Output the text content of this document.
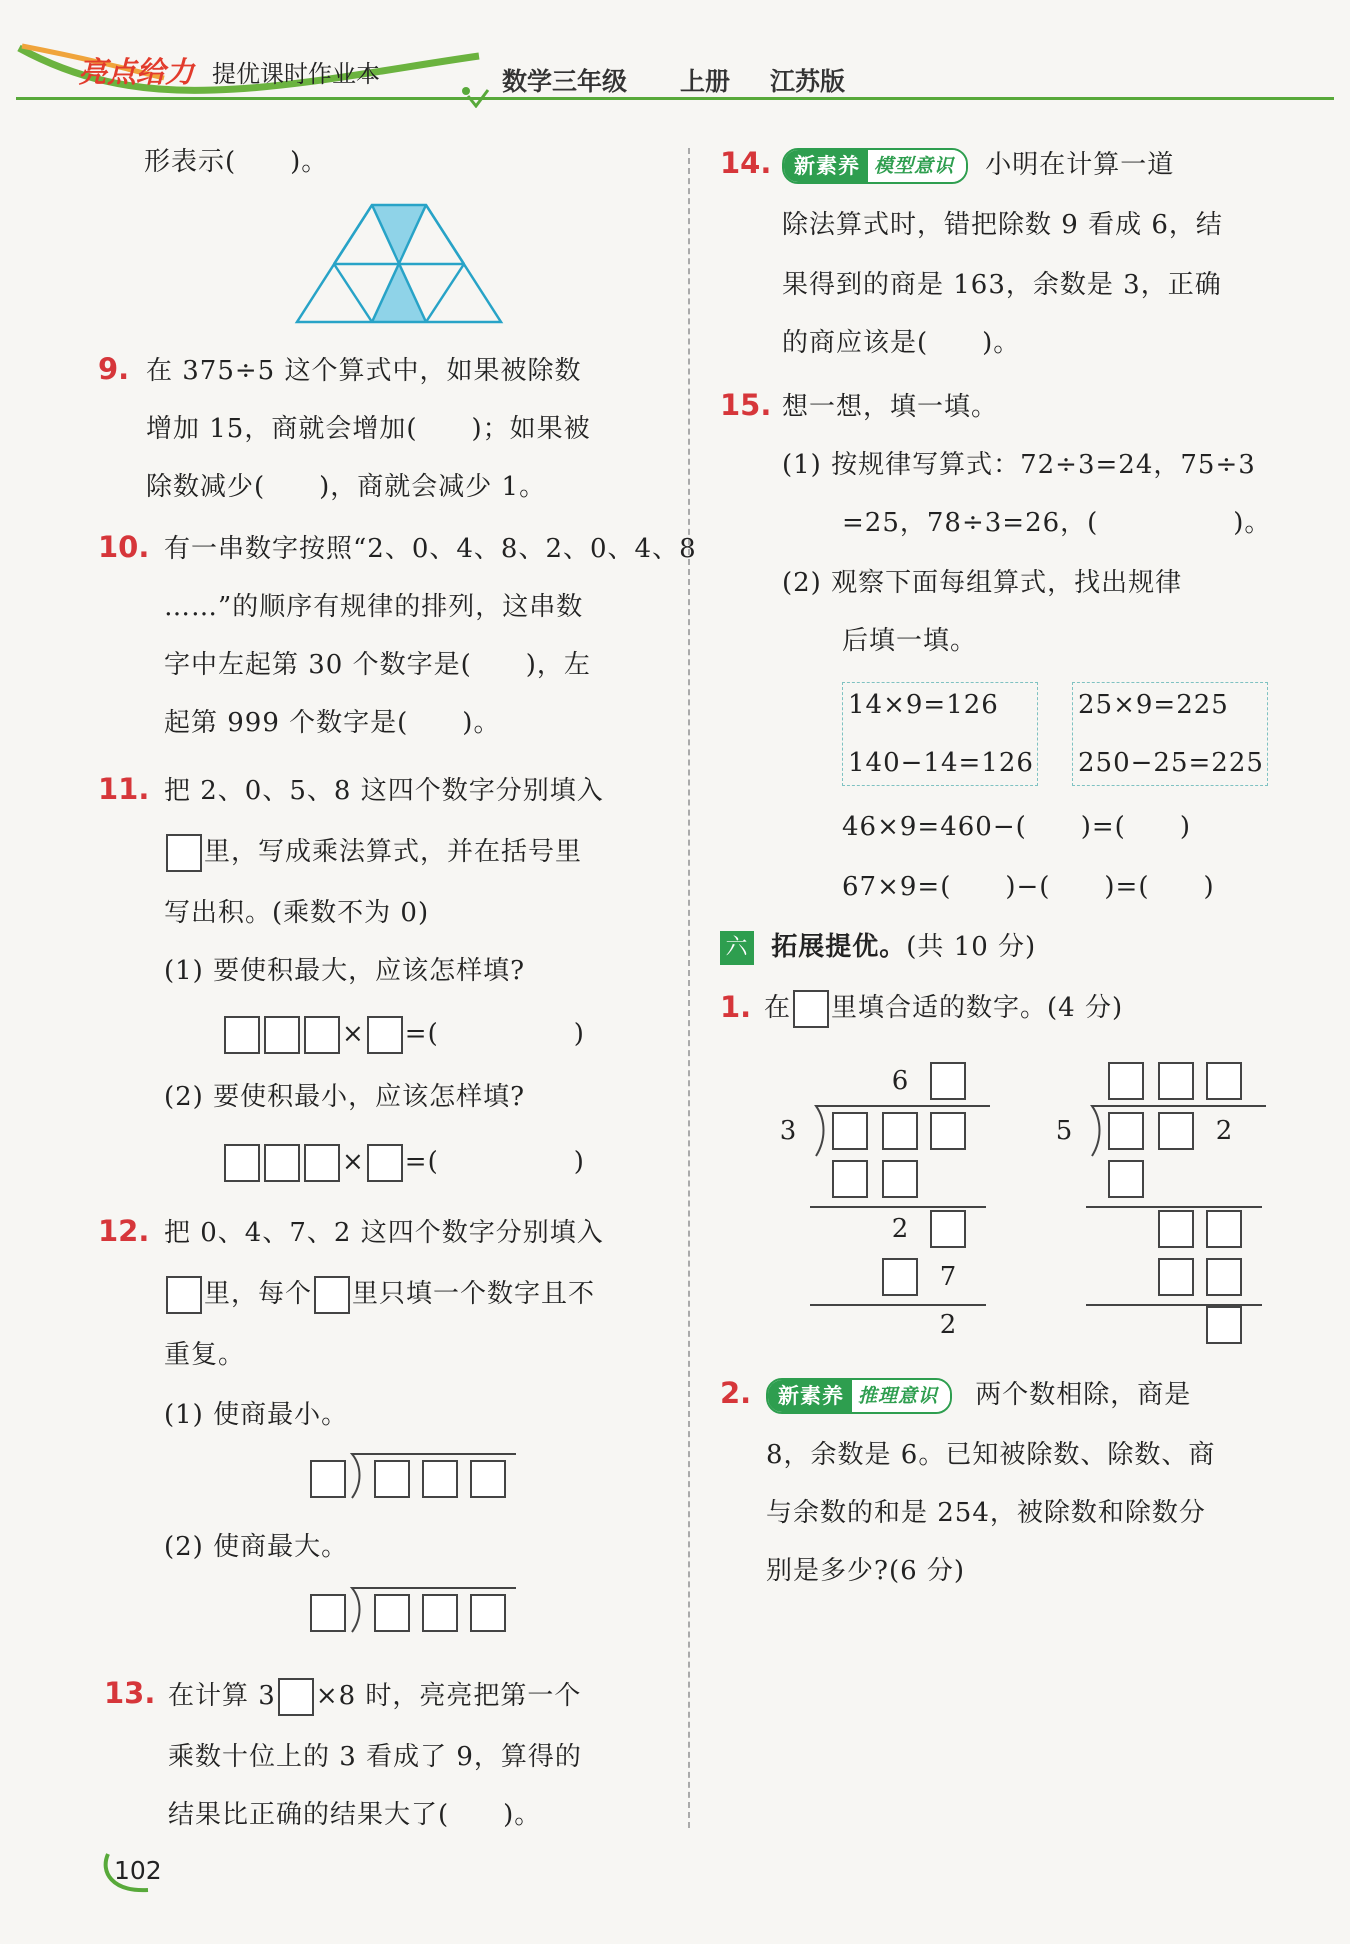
亮点给力 提优课时作业本	数学三年级 上册 江苏版
形表示(　　)。
9. 在 375÷5 这个算式中，如果被除数
增加 15，商就会增加(　　)；如果被
除数减少(　　)，商就会减少 1。
10. 有一串数字按照“2、0、4、8、2、0、4、8
……”的顺序有规律的排列，这串数
字中左起第 30 个数字是(　　)，左
起第 999 个数字是(　　)。
11. 把 2、0、5、8 这四个数字分别填入
里，写成乘法算式，并在括号里
写出积。(乘数不为 0)
(1) 要使积最大，应该怎样填?
× =(　　　　　)
(2) 要使积最小，应该怎样填?
× =(　　　　　)
12. 把 0、4、7、2 这四个数字分别填入
里，每个 里只填一个数字且不
重复。
(1) 使商最小。
(2) 使商最大。
13. 在计算 3 ×8 时，亮亮把第一个
乘数十位上的 3 看成了 9，算得的
结果比正确的结果大了(　　)。
102
14.	新素养 模型意识	小明在计算一道
除法算式时，错把除数 9 看成 6，结
果得到的商是 163，余数是 3，正确
的商应该是(　　)。
15. 想一想，填一填。
(1) 按规律写算式：72÷3=24，75÷3
=25，78÷3=26，(　　　　　)。
(2) 观察下面每组算式，找出规律
后填一填。
14×9=126
140−14=126
25×9=225
250−25=225
46×9=460−(　　)=(　　)
67×9=(　　)−(　　)=(　　)
六 拓展提优。(共 10 分)
1. 在 里填合适的数字。(4 分)
6
3
2
7
2
5	2
2.	新素养 推理意识	两个数相除，商是
8，余数是 6。已知被除数、除数、商
与余数的和是 254，被除数和除数分
别是多少?(6 分)
